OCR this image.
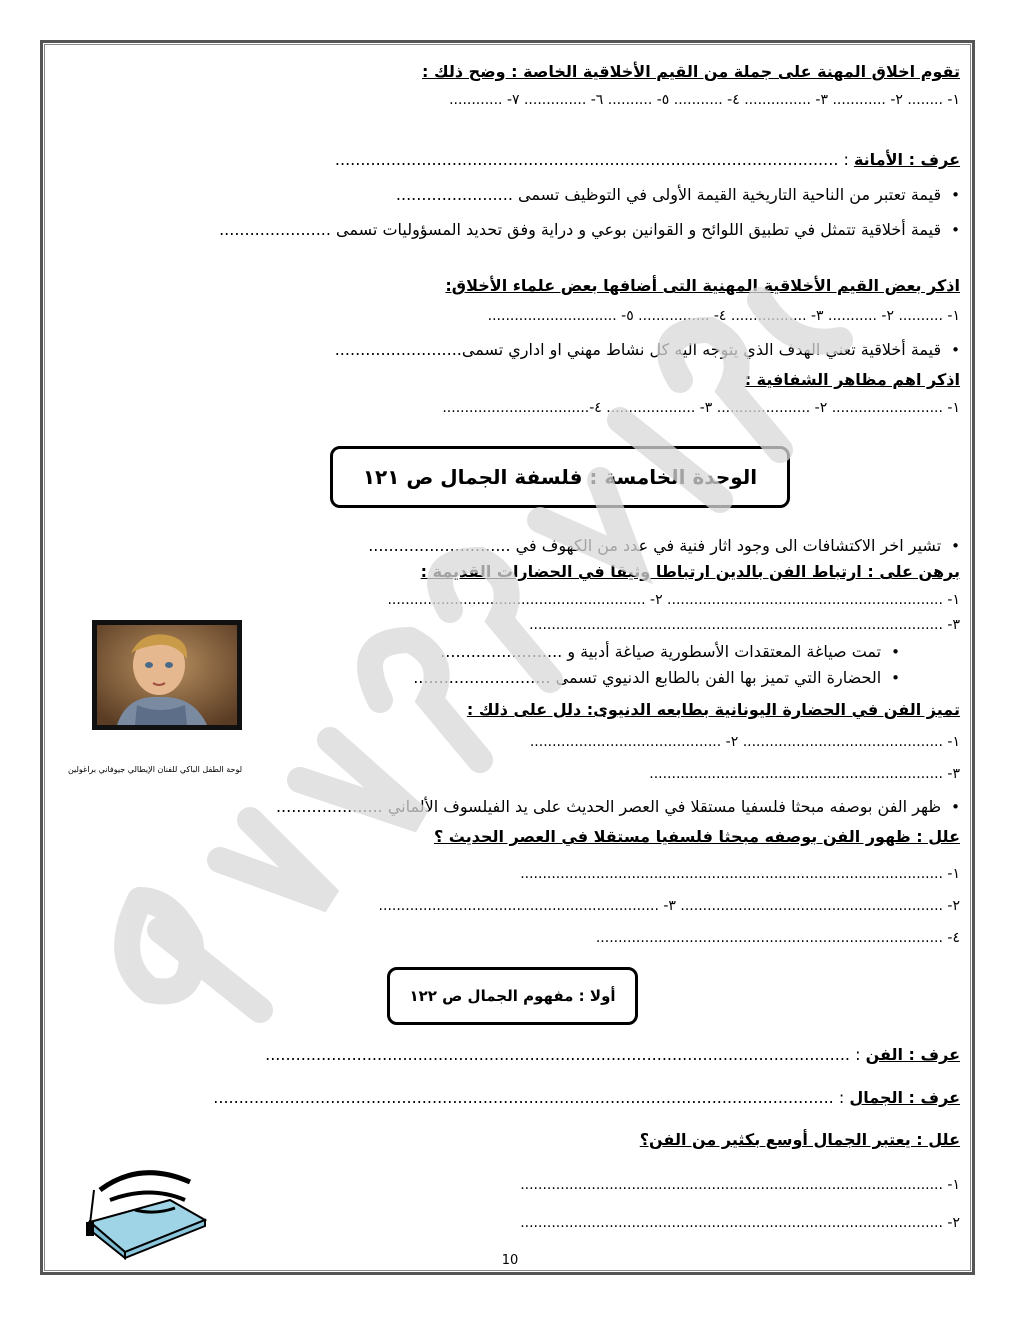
تقوم اخلاق المهنة على جملة من القيم الأخلاقية الخاصة : وضح ذلك :
١- ........ ٢- ............ ٣- ............... ٤- ........... ٥- .......... ٦- .............. ٧- ............
عرف : الأمانة : ...................................................................................................
• قيمة تعتبر من الناحية التاريخية القيمة الأولى في التوظيف تسمى .......................
• قيمة أخلاقية تتمثل في تطبيق اللوائح و القوانين بوعي و دراية وفق تحديد المسؤوليات تسمى ......................
اذكر بعض القيم الأخلاقية المهنية التى أضافها بعض علماء الأخلاق:
١- .......... ٢- ........... ٣- ................. ٤- ................ ٥- .............................
• قيمة أخلاقية تعني الهدف الذي يتوجه اليه كل نشاط مهني او اداري تسمى.........................
اذكر اهم مظاهر الشفافية :
١- ......................... ٢- ..................... ٣- .................... ٤-.................................
الوحدة الخامسة : فلسفة الجمال ص ١٢١
• تشير اخر الاكتشافات الى وجود اثار فنية في عدد من الكهوف في ............................
برهن على : ارتباط الفن بالدين ارتباطا وثيقا في الحضارات القديمة :
١- .............................................................. ٢- ..........................................................
٣- .............................................................................................
• تمت صياغة المعتقدات الأسطورية صياغة أدبية و ........................
• الحضارة التي تميز بها الفن بالطابع الدنيوي تسمى ...........................
لوحة الطفل الباكي للفنان الإيطالي جيوفاني براغولين
تميز الفن في الحضارة اليونانية بطابعه الدنيوى: دلل على ذلك :
١- ............................................. ٢- ...........................................
٣- ..................................................................
• ظهر الفن بوصفه مبحثا فلسفيا مستقلا في العصر الحديث على يد الفيلسوف الألماني .....................
علل : ظهور الفن بوصفه مبحثا فلسفيا مستقلا في العصر الحديث ؟
١- ...............................................................................................
٢- ........................................................... ٣- ...............................................................
٤- ..............................................................................
أولا : مفهوم الجمال ص ١٢٢
عرف : الفن : ...................................................................................................................
عرف : الجمال : ..........................................................................................................................
علل : يعتبر الجمال أوسع بكثير من الفن؟
١- ...............................................................................................
٢- ...............................................................................................
10
